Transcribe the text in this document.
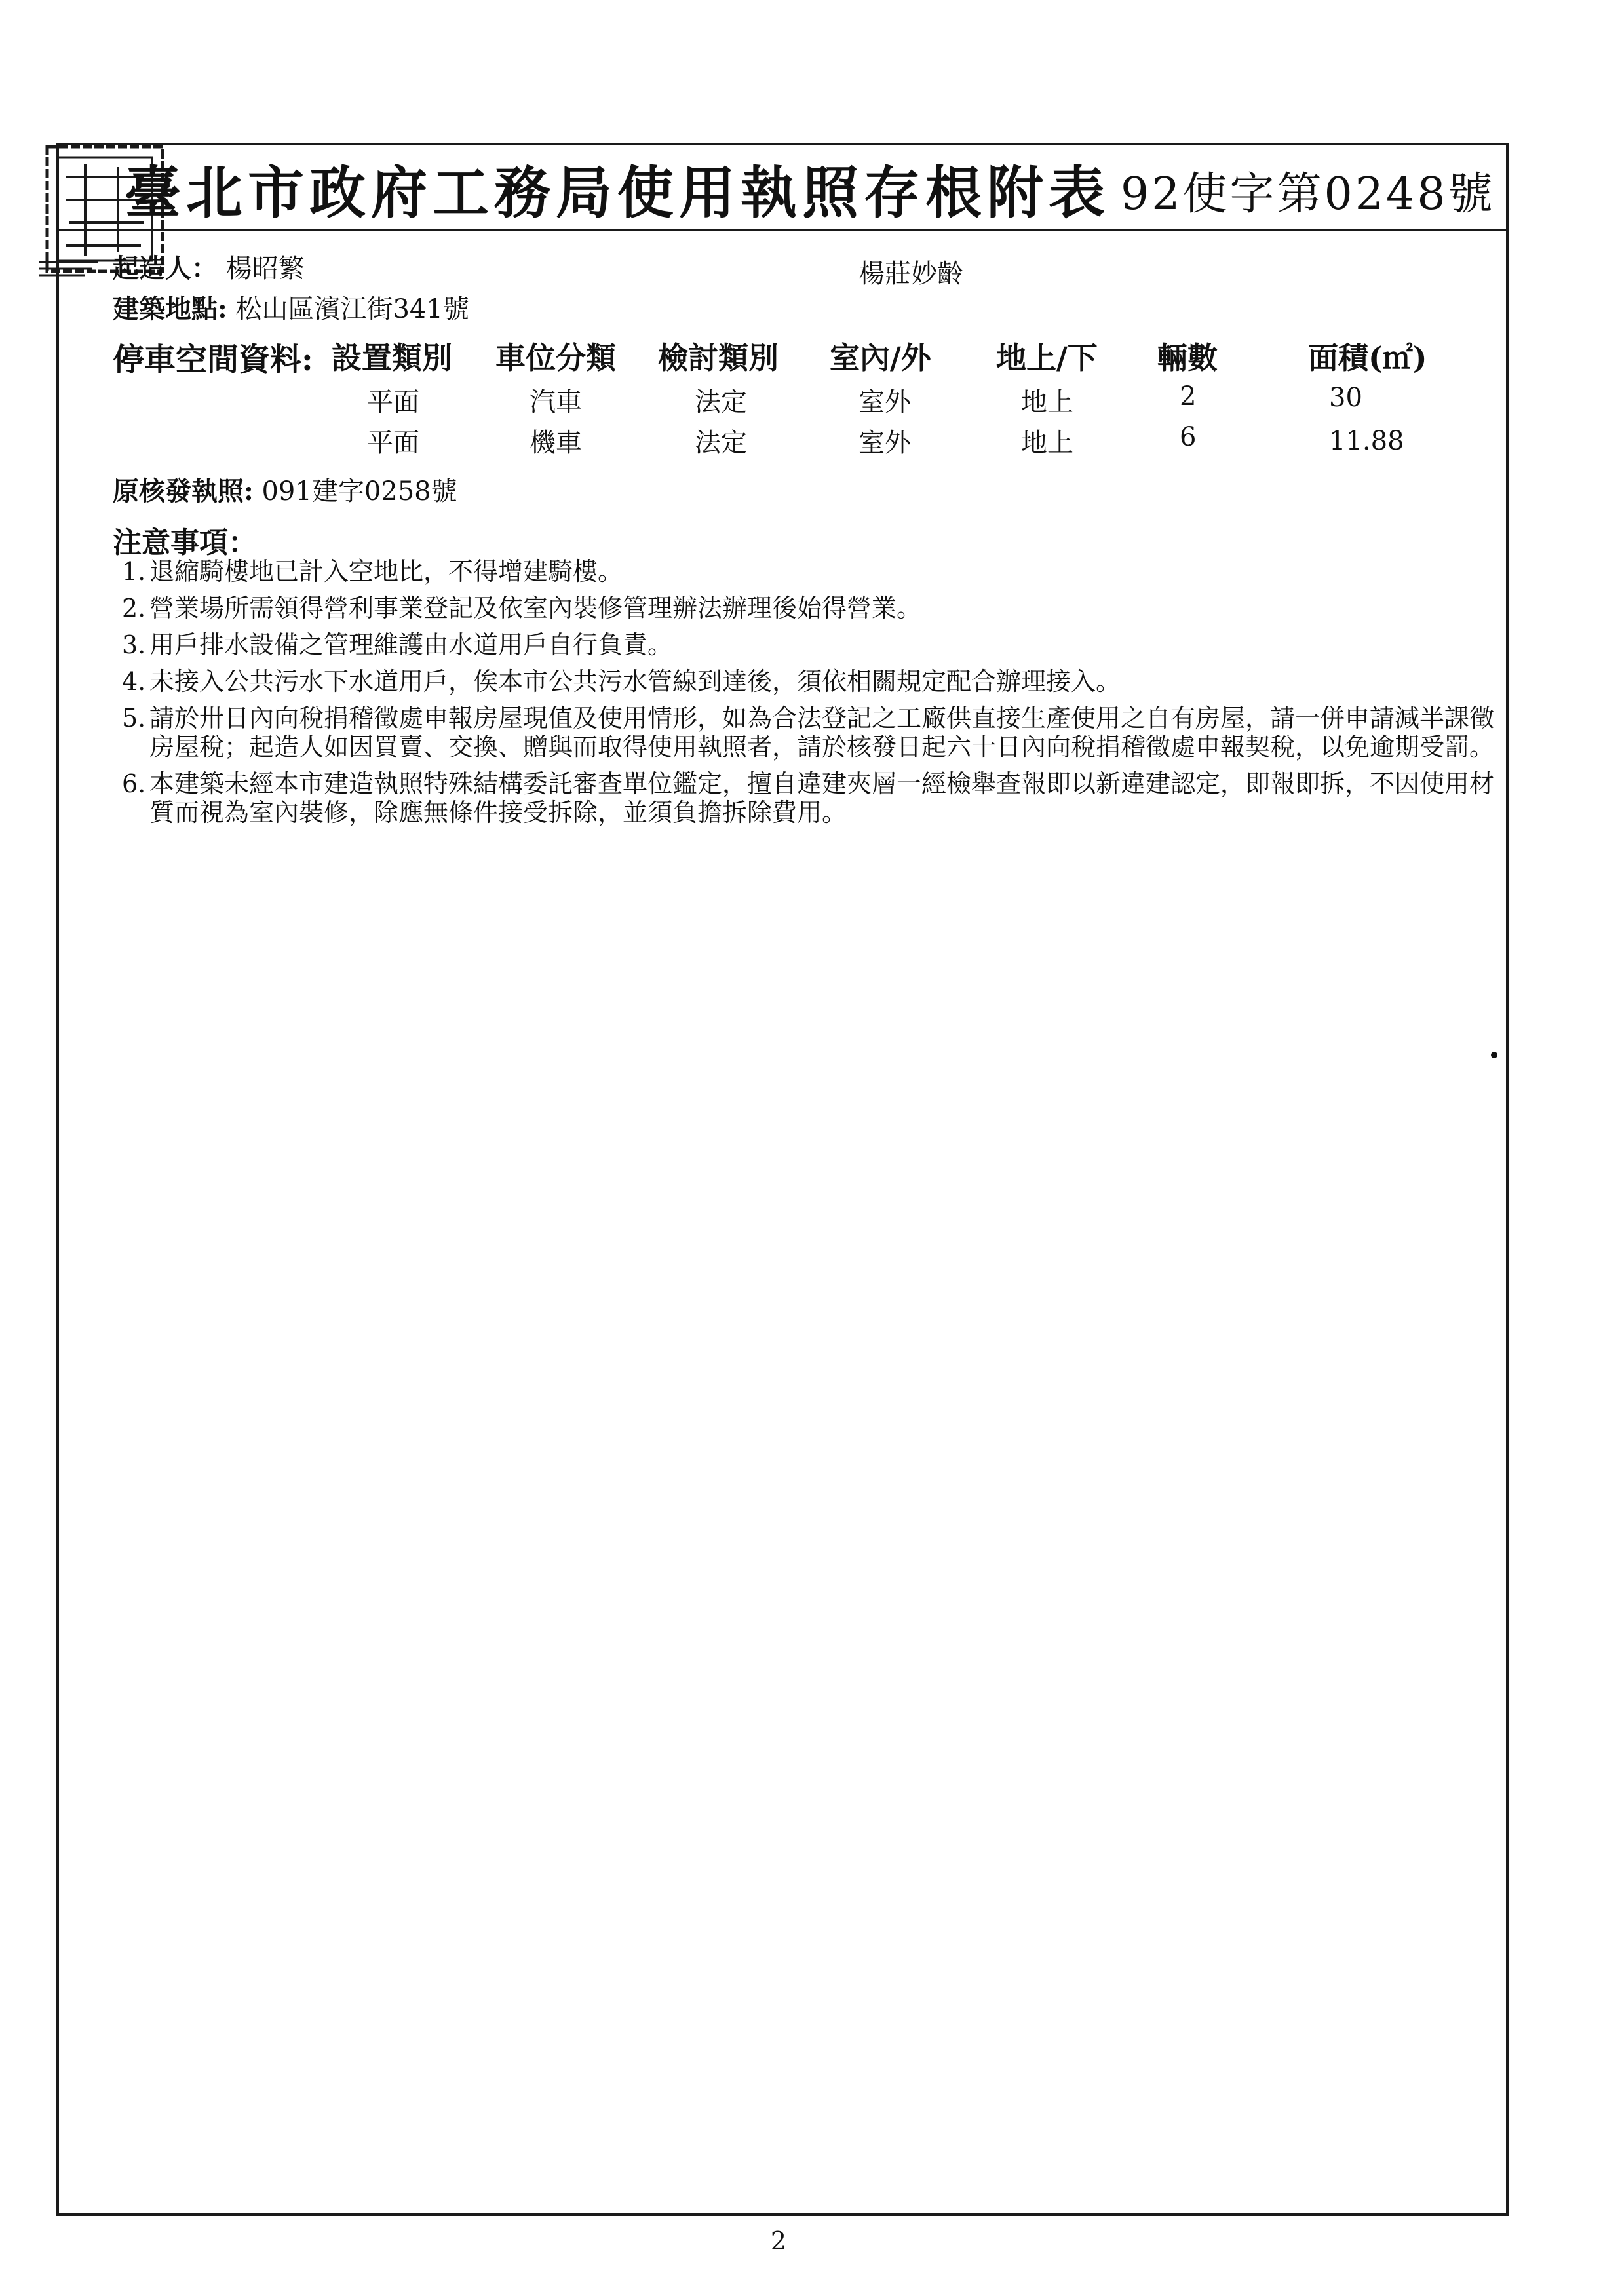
臺北市政府工務局使用執照存根附表 92使字第0248號
起造人： 楊昭繁	楊莊妙齡
建築地點: 松山區濱江街341號
停車空間資料: 設置類別 車位分類 檢討類別 室內/外 地上/下 輛數	面積(㎡)
平面	汽車	法定	室外	地上	2	30
平面	機車	法定	室外	地上	6	11.88
原核發執照: 091建字0258號
注意事項：
1. 退縮騎樓地已計入空地比，不得增建騎樓。
2. 營業場所需領得營利事業登記及依室內裝修管理辦法辦理後始得營業。
3. 用戶排水設備之管理維護由水道用戶自行負責。
4. 未接入公共污水下水道用戶，俟本市公共污水管線到達後，須依相關規定配合辦理接入。
5. 請於卅日內向稅捐稽徵處申報房屋現值及使用情形，如為合法登記之工廠供直接生產使用之自有房屋，請一併申請減半課徵房屋稅；起造人如因買賣、交換、贈與而取得使用執照者，請於核發日起六十日內向稅捐稽徵處申報契稅，以免逾期受罰。
6. 本建築未經本市建造執照特殊結構委託審查單位鑑定，擅自違建夾層一經檢舉查報即以新違建認定，即報即拆，不因使用材質而視為室內裝修，除應無條件接受拆除，並須負擔拆除費用。
2
